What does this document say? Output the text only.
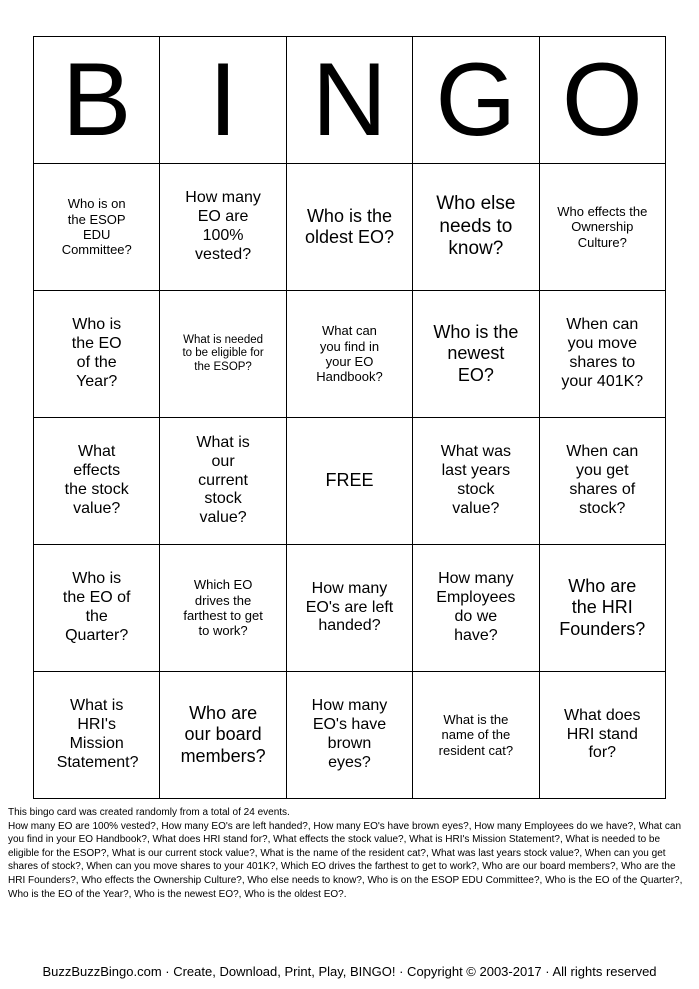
B	I	N	G	O

Who is on the ESOP EDU Committee?	How many EO are 100% vested?	Who is the oldest EO?	Who else needs to know?	Who effects the Ownership Culture?

Who is the EO of the Year?	What is needed to be eligible for the ESOP?	What can you find in your EO Handbook?	Who is the newest EO?	When can you move shares to your 401K?

What effects the stock value?	What is our current stock value?	FREE	What was last years stock value?	When can you get shares of stock?

Who is the EO of the Quarter?	Which EO drives the farthest to get to work?	How many EO's are left handed?	How many Employees do we have?	Who are the HRI Founders?

What is HRI's Mission Statement?	Who are our board members?	How many EO's have brown eyes?	What is the name of the resident cat?	What does HRI stand for?

This bingo card was created randomly from a total of 24 events.

How many EO are 100% vested?, How many EO's are left handed?, How many EO's have brown eyes?, How many Employees do we have?, What can you find in your EO Handbook?, What does HRI stand for?, What effects the stock value?, What is HRI's Mission Statement?, What is needed to be eligible for the ESOP?, What is our current stock value?, What is the name of the resident cat?, What was last years stock value?, When can you get shares of stock?, When can you move shares to your 401K?, Which EO drives the farthest to get to work?, Who are our board members?, Who are the HRI Founders?, Who effects the Ownership Culture?, Who else needs to know?, Who is on the ESOP EDU Committee?, Who is the EO of the Quarter?, Who is the EO of the Year?, Who is the newest EO?, Who is the oldest EO?.

BuzzBuzzBingo.com · Create, Download, Print, Play, BINGO! · Copyright © 2003-2017 · All rights reserved
